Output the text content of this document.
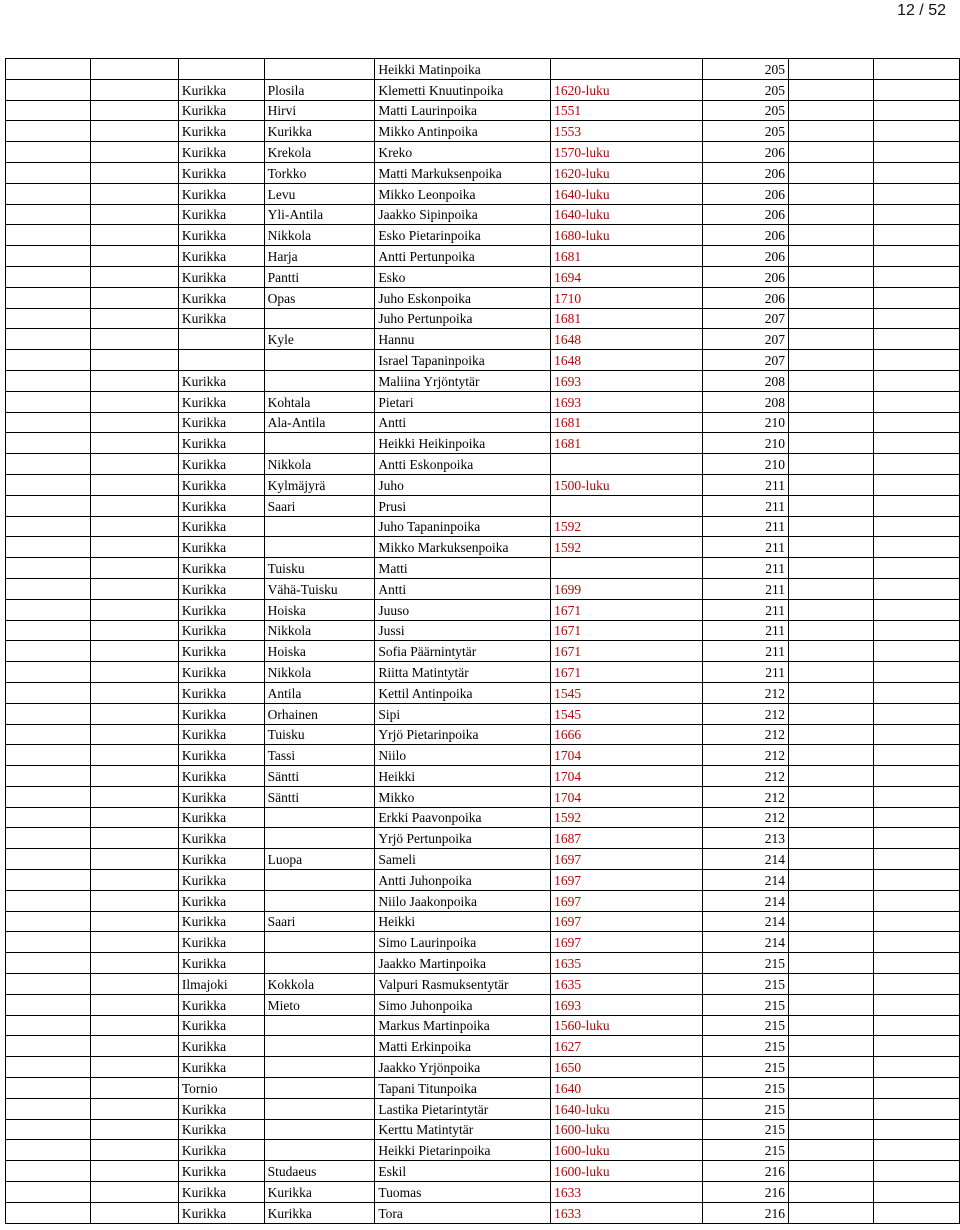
12 / 52
				Heikki Matinpoika		205		
		Kurikka	Plosila	Klemetti Knuutinpoika	1620-luku	205		
		Kurikka	Hirvi	Matti Laurinpoika	1551	205		
		Kurikka	Kurikka	Mikko Antinpoika	1553	205		
		Kurikka	Krekola	Kreko	1570-luku	206		
		Kurikka	Torkko	Matti Markuksenpoika	1620-luku	206		
		Kurikka	Levu	Mikko Leonpoika	1640-luku	206		
		Kurikka	Yli-Antila	Jaakko Sipinpoika	1640-luku	206		
		Kurikka	Nikkola	Esko Pietarinpoika	1680-luku	206		
		Kurikka	Harja	Antti Pertunpoika	1681	206		
		Kurikka	Pantti	Esko	1694	206		
		Kurikka	Opas	Juho Eskonpoika	1710	206		
		Kurikka		Juho Pertunpoika	1681	207		
			Kyle	Hannu	1648	207		
				Israel Tapaninpoika	1648	207		
		Kurikka		Maliina Yrjöntytär	1693	208		
		Kurikka	Kohtala	Pietari	1693	208		
		Kurikka	Ala-Antila	Antti	1681	210		
		Kurikka		Heikki Heikinpoika	1681	210		
		Kurikka	Nikkola	Antti Eskonpoika		210		
		Kurikka	Kylmäjyrä	Juho	1500-luku	211		
		Kurikka	Saari	Prusi		211		
		Kurikka		Juho Tapaninpoika	1592	211		
		Kurikka		Mikko Markuksenpoika	1592	211		
		Kurikka	Tuisku	Matti		211		
		Kurikka	Vähä-Tuisku	Antti	1699	211		
		Kurikka	Hoiska	Juuso	1671	211		
		Kurikka	Nikkola	Jussi	1671	211		
		Kurikka	Hoiska	Sofia Päärnintytär	1671	211		
		Kurikka	Nikkola	Riitta Matintytär	1671	211		
		Kurikka	Antila	Kettil Antinpoika	1545	212		
		Kurikka	Orhainen	Sipi	1545	212		
		Kurikka	Tuisku	Yrjö Pietarinpoika	1666	212		
		Kurikka	Tassi	Niilo	1704	212		
		Kurikka	Säntti	Heikki	1704	212		
		Kurikka	Säntti	Mikko	1704	212		
		Kurikka		Erkki Paavonpoika	1592	212		
		Kurikka		Yrjö Pertunpoika	1687	213		
		Kurikka	Luopa	Sameli	1697	214		
		Kurikka		Antti Juhonpoika	1697	214		
		Kurikka		Niilo Jaakonpoika	1697	214		
		Kurikka	Saari	Heikki	1697	214		
		Kurikka		Simo Laurinpoika	1697	214		
		Kurikka		Jaakko Martinpoika	1635	215		
		Ilmajoki	Kokkola	Valpuri Rasmuksentytär	1635	215		
		Kurikka	Mieto	Simo Juhonpoika	1693	215		
		Kurikka		Markus Martinpoika	1560-luku	215		
		Kurikka		Matti Erkinpoika	1627	215		
		Kurikka		Jaakko Yrjönpoika	1650	215		
		Tornio		Tapani Titunpoika	1640	215		
		Kurikka		Lastika Pietarintytär	1640-luku	215		
		Kurikka		Kerttu Matintytär	1600-luku	215		
		Kurikka		Heikki Pietarinpoika	1600-luku	215		
		Kurikka	Studaeus	Eskil	1600-luku	216		
		Kurikka	Kurikka	Tuomas	1633	216		
		Kurikka	Kurikka	Tora	1633	216		
